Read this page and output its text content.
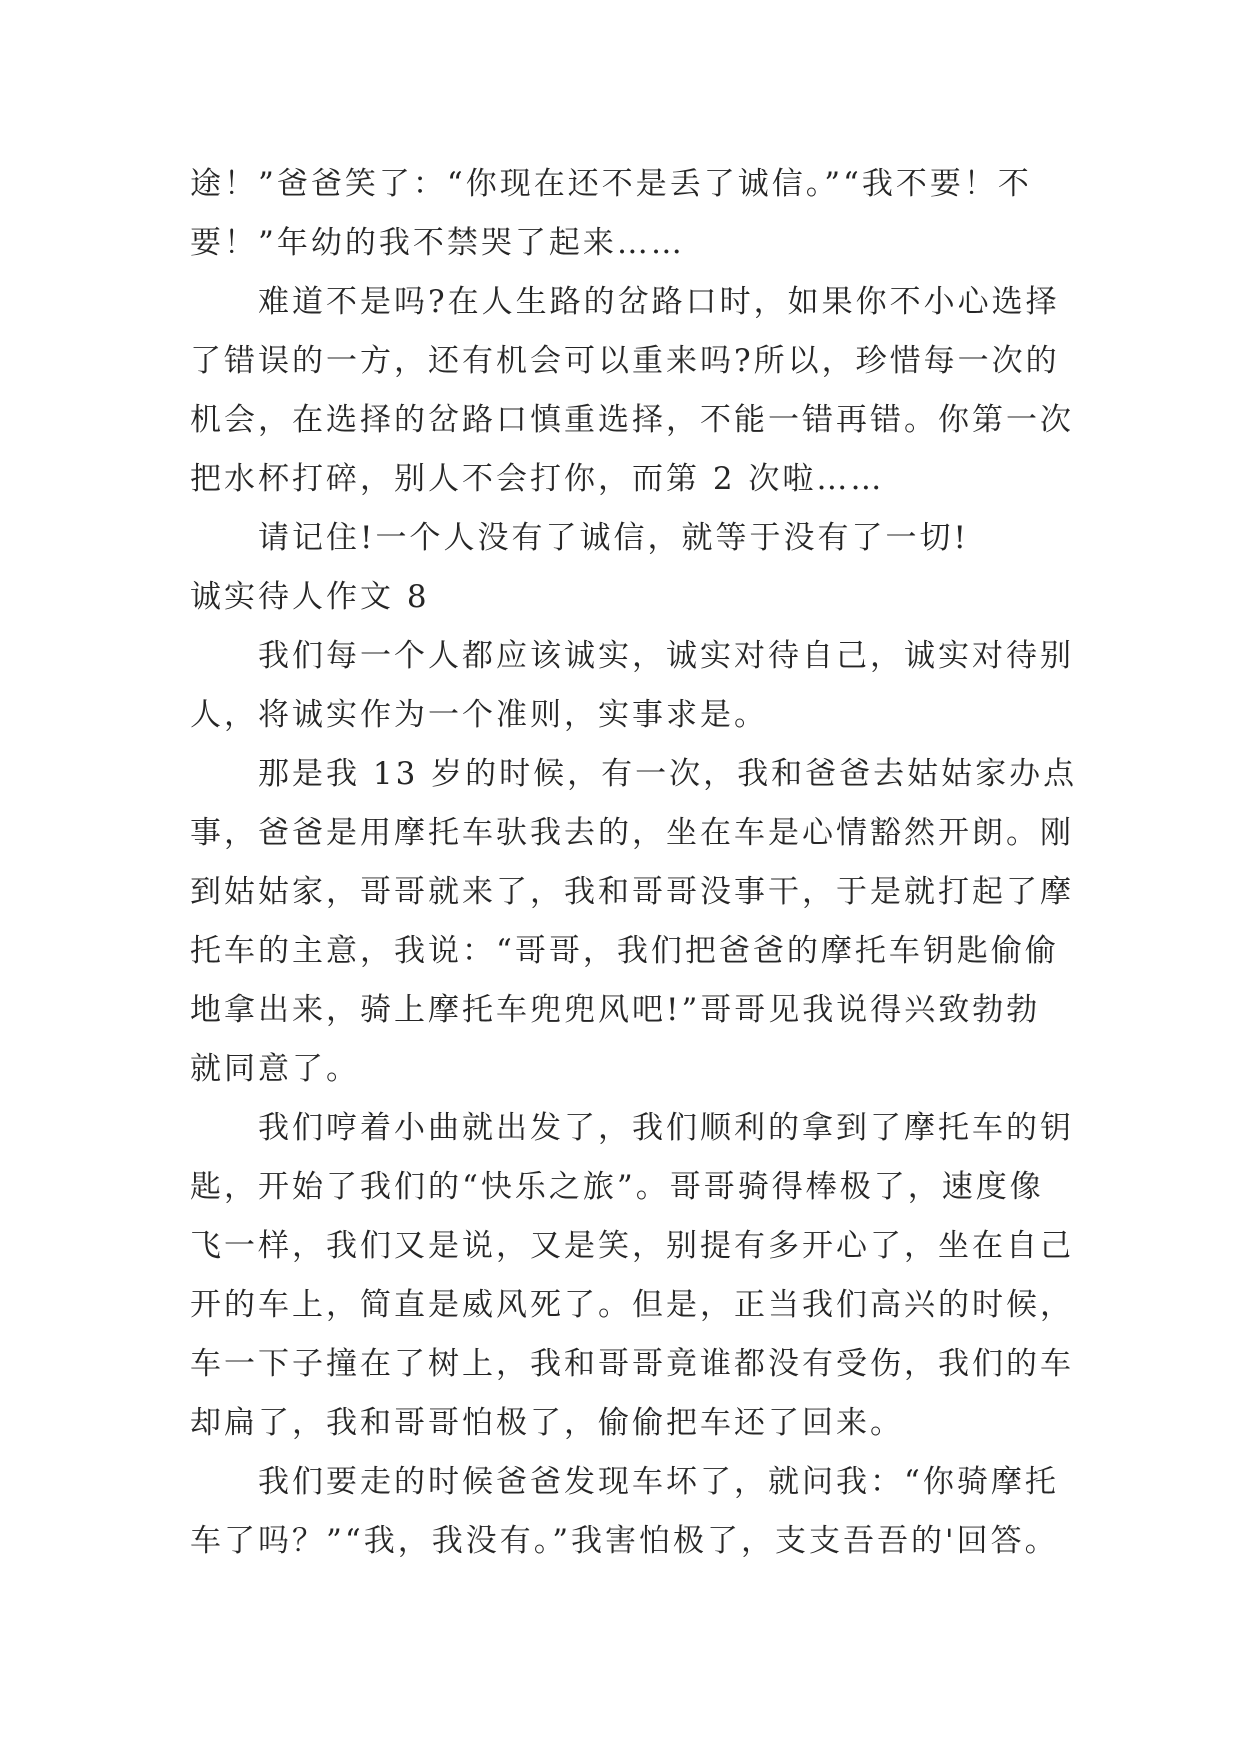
途！”爸爸笑了：“你现在还不是丢了诚信。”“我不要！不
要！”年幼的我不禁哭了起来……
难道不是吗?在人生路的岔路口时，如果你不小心选择
了错误的一方，还有机会可以重来吗?所以，珍惜每一次的
机会，在选择的岔路口慎重选择，不能一错再错。你第一次
把水杯打碎，别人不会打你，而第 2 次啦……
请记住!一个人没有了诚信，就等于没有了一切!
诚实待人作文 8
我们每一个人都应该诚实，诚实对待自己，诚实对待别
人，将诚实作为一个准则，实事求是。
那是我 13 岁的时候，有一次，我和爸爸去姑姑家办点
事，爸爸是用摩托车驮我去的，坐在车是心情豁然开朗。刚
到姑姑家，哥哥就来了，我和哥哥没事干，于是就打起了摩
托车的主意，我说：“哥哥，我们把爸爸的摩托车钥匙偷偷
地拿出来，骑上摩托车兜兜风吧!”哥哥见我说得兴致勃勃
就同意了。
我们哼着小曲就出发了，我们顺利的拿到了摩托车的钥
匙，开始了我们的“快乐之旅”。哥哥骑得棒极了，速度像
飞一样，我们又是说，又是笑，别提有多开心了，坐在自己
开的车上，简直是威风死了。但是，正当我们高兴的时候，
车一下子撞在了树上，我和哥哥竟谁都没有受伤，我们的车
却扁了，我和哥哥怕极了，偷偷把车还了回来。
我们要走的时候爸爸发现车坏了，就问我：“你骑摩托
车了吗？”“我，我没有。”我害怕极了，支支吾吾的'回答。
